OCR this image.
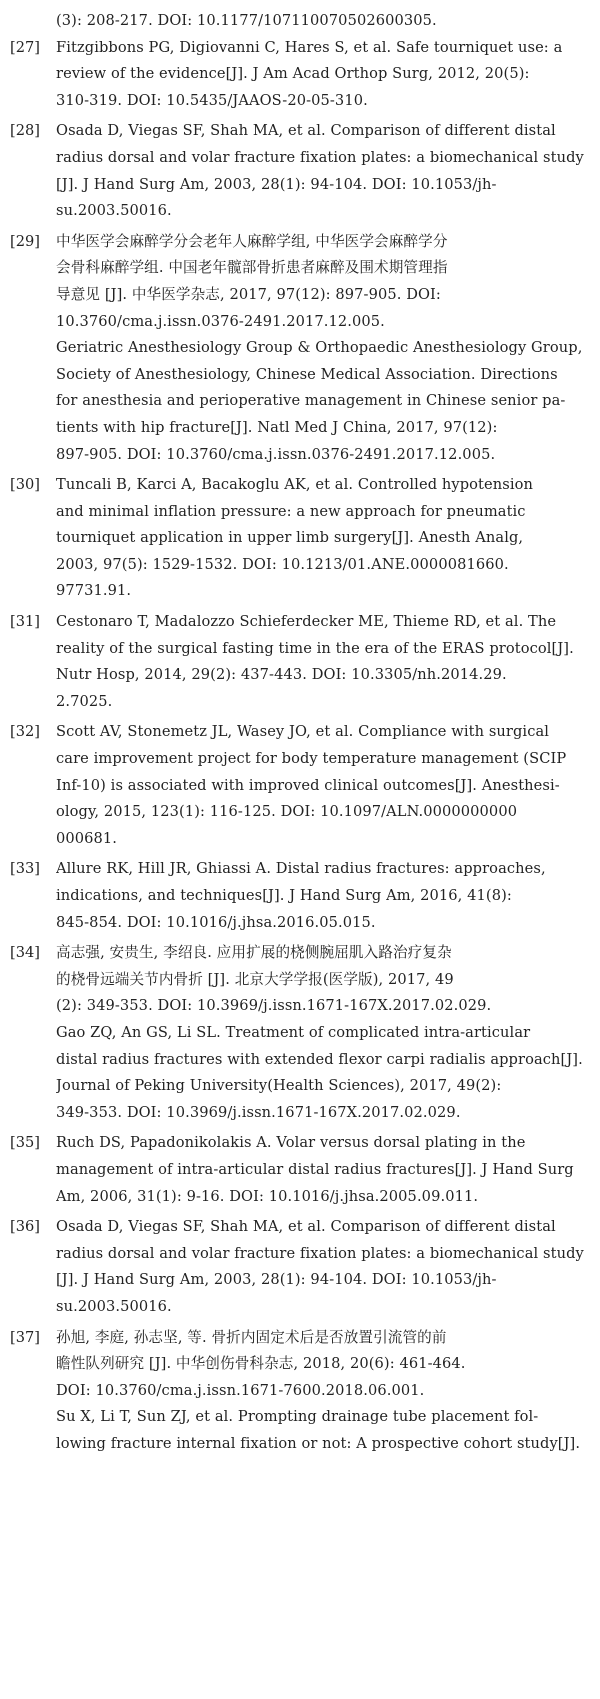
(3): 208-217. DOI: 10.1177/107110070502600305.
[27]	Fitzgibbons PG, Digiovanni C, Hares S, et al. Safe tourniquet use: a
review of the evidence[J]. J Am Acad Orthop Surg, 2012, 20(5):
310-319. DOI: 10.5435/JAAOS-20-05-310.
[28]	Osada D, Viegas SF, Shah MA, et al. Comparison of different distal
radius dorsal and volar fracture fixation plates: a biomechanical study
[J]. J Hand Surg Am, 2003, 28(1): 94-104. DOI: 10.1053/jh-
su.2003.50016.
[29]	中华医学会麻醉学分会老年人麻醉学组, 中华医学会麻醉学分
会骨科麻醉学组. 中国老年髋部骨折患者麻醉及围术期管理指
导意见 [J]. 中华医学杂志, 2017, 97(12): 897-905. DOI:
10.3760/cma.j.issn.0376-2491.2017.12.005.
Geriatric Anesthesiology Group & Orthopaedic Anesthesiology Group,
Society of Anesthesiology, Chinese Medical Association. Directions
for anesthesia and perioperative management in Chinese senior pa-
tients with hip fracture[J]. Natl Med J China, 2017, 97(12):
897-905. DOI: 10.3760/cma.j.issn.0376-2491.2017.12.005.
[30]	Tuncali B, Karci A, Bacakoglu AK, et al. Controlled hypotension
and minimal inflation pressure: a new approach for pneumatic
tourniquet application in upper limb surgery[J]. Anesth Analg,
2003, 97(5): 1529-1532. DOI: 10.1213/01.ANE.0000081660.
97731.91.
[31]	Cestonaro T, Madalozzo Schieferdecker ME, Thieme RD, et al. The
reality of the surgical fasting time in the era of the ERAS protocol[J].
Nutr Hosp, 2014, 29(2): 437-443. DOI: 10.3305/nh.2014.29.
2.7025.
[32]	Scott AV, Stonemetz JL, Wasey JO, et al. Compliance with surgical
care improvement project for body temperature management (SCIP
Inf-10) is associated with improved clinical outcomes[J]. Anesthesi-
ology, 2015, 123(1): 116-125. DOI: 10.1097/ALN.0000000000
000681.
[33]	Allure RK, Hill JR, Ghiassi A. Distal radius fractures: approaches,
indications, and techniques[J]. J Hand Surg Am, 2016, 41(8):
845-854. DOI: 10.1016/j.jhsa.2016.05.015.
[34]	高志强, 安贵生, 李绍良. 应用扩展的桡侧腕屈肌入路治疗复杂
的桡骨远端关节内骨折 [J]. 北京大学学报(医学版), 2017, 49
(2): 349-353. DOI: 10.3969/j.issn.1671-167X.2017.02.029.
Gao ZQ, An GS, Li SL. Treatment of complicated intra-articular
distal radius fractures with extended flexor carpi radialis approach[J].
Journal of Peking University(Health Sciences), 2017, 49(2):
349-353. DOI: 10.3969/j.issn.1671-167X.2017.02.029.
[35]	Ruch DS, Papadonikolakis A. Volar versus dorsal plating in the
management of intra-articular distal radius fractures[J]. J Hand Surg
Am, 2006, 31(1): 9-16. DOI: 10.1016/j.jhsa.2005.09.011.
[36]	Osada D, Viegas SF, Shah MA, et al. Comparison of different distal
radius dorsal and volar fracture fixation plates: a biomechanical study
[J]. J Hand Surg Am, 2003, 28(1): 94-104. DOI: 10.1053/jh-
su.2003.50016.
[37]	孙旭, 李庭, 孙志坚, 等. 骨折内固定术后是否放置引流管的前
瞻性队列研究 [J]. 中华创伤骨科杂志, 2018, 20(6): 461-464.
DOI: 10.3760/cma.j.issn.1671-7600.2018.06.001.
Su X, Li T, Sun ZJ, et al. Prompting drainage tube placement fol-
lowing fracture internal fixation or not: A prospective cohort study[J].
